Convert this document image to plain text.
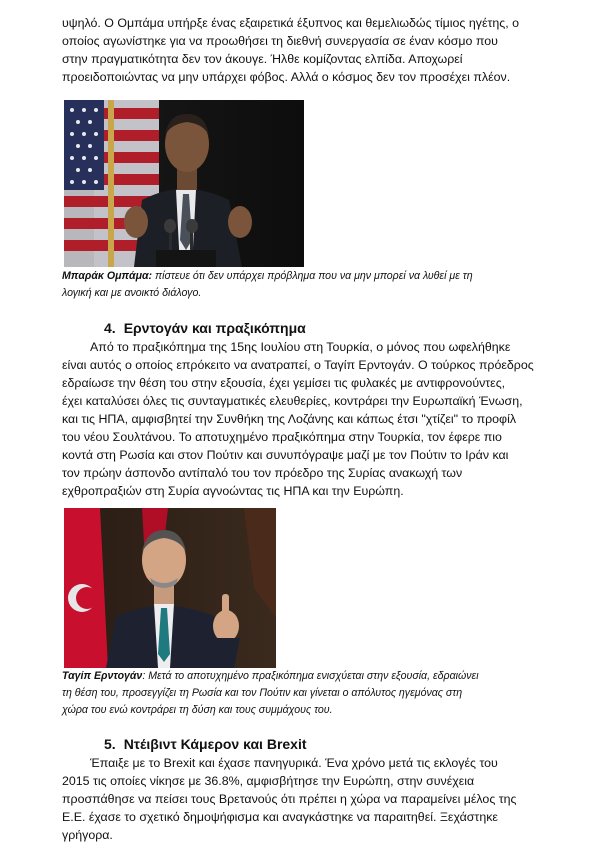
υψηλό. Ο Ομπάμα υπήρξε ένας εξαιρετικά έξυπνος και θεμελιωδώς τίμιος ηγέτης, ο
οποίος αγωνίστηκε για να προωθήσει τη διεθνή συνεργασία σε έναν κόσμο που
στην πραγματικότητα δεν τον άκουγε. Ήλθε κομίζοντας ελπίδα. Αποχωρεί
προειδοποιώντας να μην υπάρχει φόβος. Αλλά ο κόσμος δεν τον προσέχει πλέον.
Μπαράκ Ομπάμα: πίστευε ότι δεν υπάρχει πρόβλημα που να μην μπορεί να λυθεί με τη
λογική και με ανοικτό διάλογο.
4. Ερντογάν και πραξικόπημα
Από το πραξικόπημα της 15ης Ιουλίου στη Τουρκία, ο μόνος που ωφελήθηκε
είναι αυτός ο οποίος επρόκειτο να ανατραπεί, ο Ταγίπ Ερντογάν. Ο τούρκος πρόεδρος
εδραίωσε την θέση του στην εξουσία, έχει γεμίσει τις φυλακές με αντιφρονούντες,
έχει καταλύσει όλες τις συνταγματικές ελευθερίες, κοντράρει την Ευρωπαϊκή Ένωση,
και τις ΗΠΑ, αμφισβητεί την Συνθήκη της Λοζάνης και κάπως έτσι "χτίζει" το προφίλ
του νέου Σουλτάνου. Το αποτυχημένο πραξικόπημα στην Τουρκία, τον έφερε πιο
κοντά στη Ρωσία και στον Πούτιν και συνυπόγραψε μαζί με τον Πούτιν το Ιράν και
τον πρώην άσπονδο αντίπαλό του τον πρόεδρο της Συρίας ανακωχή των
εχθροπραξιών στη Συρία αγνοώντας τις ΗΠΑ και την Ευρώπη.
Ταγίπ Ερντογάν: Μετά το αποτυχημένο πραξικόπημα ενισχύεται στην εξουσία, εδραιώνει
τη θέση του, προσεγγίζει τη Ρωσία και τον Πούτιν και γίνεται ο απόλυτος ηγεμόνας στη
χώρα του ενώ κοντράρει τη δύση και τους συμμάχους του.
5. Ντέιβιντ Κάμερον και Brexit
Έπαιξε με το Brexit και έχασε πανηγυρικά. Ένα χρόνο μετά τις εκλογές του
2015 τις οποίες νίκησε με 36.8%, αμφισβήτησε την Ευρώπη, στην συνέχεια
προσπάθησε να πείσει τους Βρετανούς ότι πρέπει η χώρα να παραμείνει μέλος της
Ε.Ε. έχασε το σχετικό δημοψήφισμα και αναγκάστηκε να παραιτηθεί. Ξεχάστηκε
γρήγορα.
